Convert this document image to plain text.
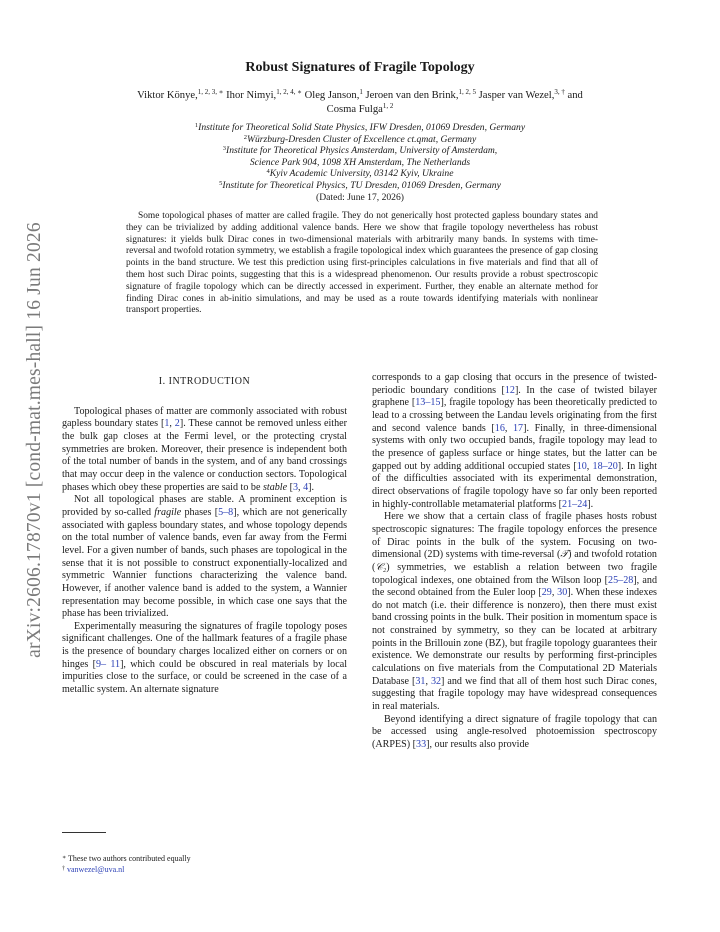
arXiv:2606.17870v1 [cond-mat.mes-hall] 16 Jun 2026
Robust Signatures of Fragile Topology
Viktor Könye,$^{1, 2, 3, ∗}$ Ihor Nimyi,$^{1, 2, 4, ∗}$ Oleg Janson,$^1$ Jeroen van den Brink,$^{1, 2, 5}$ Jasper van Wezel,$^{3, \dagger}$ and Cosma Fulga$^{1, 2}$
$^1$Institute for Theoretical Solid State Physics, IFW Dresden, 01069 Dresden, Germany
$^2$Würzburg-Dresden Cluster of Excellence ct.qmat, Germany
$^3$Institute for Theoretical Physics Amsterdam, University of Amsterdam,
Science Park 904, 1098 XH Amsterdam, The Netherlands
$^4$Kyiv Academic University, 03142 Kyiv, Ukraine
$^5$Institute for Theoretical Physics, TU Dresden, 01069 Dresden, Germany
(Dated: June 17, 2026)

Some topological phases of matter are called fragile. They do not generically host protected gapless boundary states and they can be trivialized by adding additional valence bands. Here we show that fragile topology nevertheless has robust signatures: it yields bulk Dirac cones in two-dimensional materials with arbitrarily many bands. In systems with time-reversal and twofold rotation symmetry, we establish a fragile topological index which guarantees the presence of gap closing points in the band structure. We test this prediction using first-principles calculations in five materials and find that all of them host such Dirac points, suggesting that this is a widespread phenomenon. Our results provide a robust spectroscopic signature of fragile topology which can be directly accessed in experiment. Further, they enable an alternate method for finding Dirac cones in ab-initio simulations, and may be used as a route towards identifying materials with nonlinear transport properties.

I. INTRODUCTION

Topological phases of matter are commonly associated with robust gapless boundary states [1, 2]. These cannot be removed unless either the bulk gap closes at the Fermi level, or the protecting crystal symmetries are broken. Moreover, their presence is independent both of the total number of bands in the system, and of any band crossings that may occur deep in the valence or conduction sectors. Topological phases which obey these properties are said to be stable [3, 4].

Not all topological phases are stable. A prominent exception is provided by so-called fragile phases [5–8], which are not generically associated with gapless boundary states, and whose topology depends on the total number of valence bands, even far away from the Fermi level. For a given number of bands, such phases are topological in the sense that it is not possible to construct exponentially-localized and symmetric Wannier functions characterizing the valence band. However, if another valence band is added to the system, a Wannier representation may become possible, in which case one says that the phase has been trivialized.

Experimentally measuring the signatures of fragile topology poses significant challenges. One of the hallmark features of a fragile phase is the presence of boundary charges localized either on corners or on hinges [9– 11], which could be obscured in real materials by local impurities close to the surface, or could be screened in the case of a metallic system. An alternate signature

corresponds to a gap closing that occurs in the presence of twisted-periodic boundary conditions [12]. In the case of twisted bilayer graphene [13–15], fragile topology has been theoretically predicted to lead to a crossing between the Landau levels originating from the first and second valence bands [16, 17]. Finally, in three-dimensional systems with only two occupied bands, fragile topology may lead to the presence of gapless surface or hinge states, but the latter can be gapped out by adding additional occupied states [10, 18–20]. In light of the difficulties associated with its experimental demonstration, direct observations of fragile topology have so far only been reported in highly-controllable metamaterial platforms [21–24].

Here we show that a certain class of fragile phases hosts robust spectroscopic signatures: The fragile topology enforces the presence of Dirac points in the bulk of the system. Focusing on two-dimensional (2D) systems with time-reversal (𝒯) and twofold rotation (𝒞₂) symmetries, we establish a relation between two fragile topological indexes, one obtained from the Wilson loop [25–28], and the second obtained from the Euler loop [29, 30]. When these indexes do not match (i.e. their difference is nonzero), then there must exist band crossing points in the bulk. Their position in momentum space is not constrained by symmetry, so they can be located at arbitrary points in the Brillouin zone (BZ), but fragile topology guarantees their existence. We demonstrate our results by performing first-principles calculations on five materials from the Computational 2D Materials Database [31, 32] and we find that all of them host such Dirac cones, suggesting that fragile topology may have widespread consequences in real materials.

Beyond identifying a direct signature of fragile topology that can be accessed using angle-resolved photoemission spectroscopy (ARPES) [33], our results also provide

∗ These two authors contributed equally
† vanwezel@uva.nl
